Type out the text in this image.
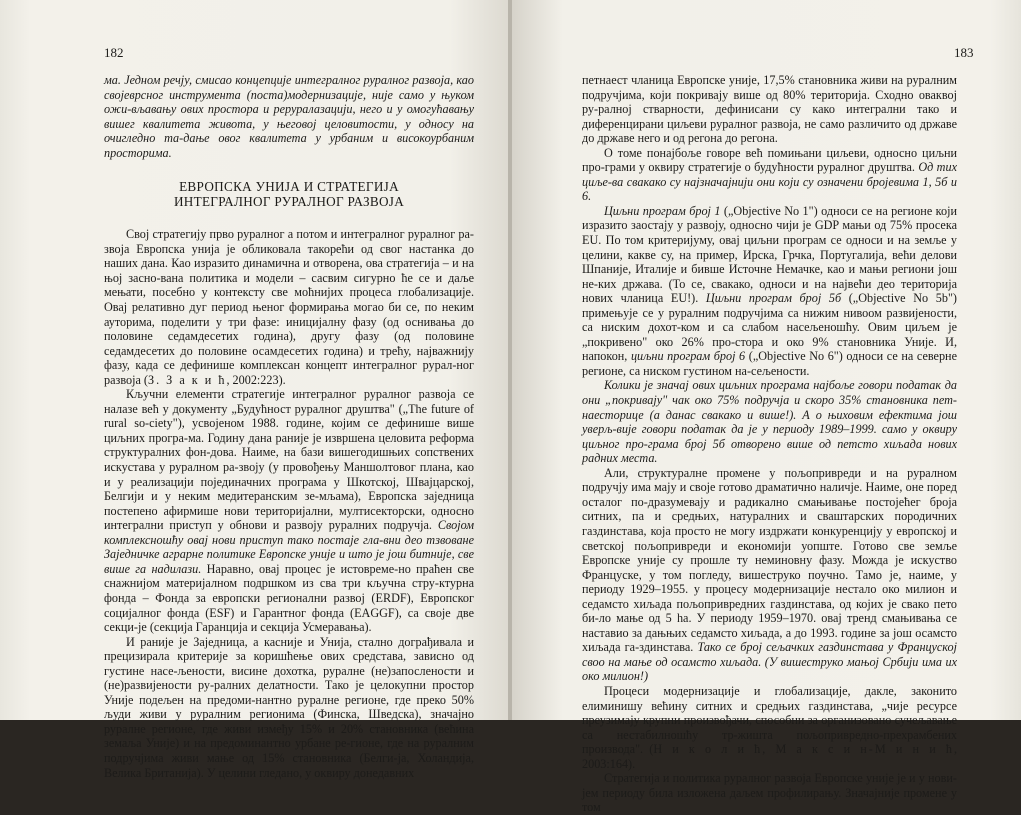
182

ма. Једном речју, смисао концепције интегралног руралног развоја, као својеврсног инструмента (поста)модернизације, није само у њуком ожи-вљавању ових простора и реруралазацији, него и у омогућавању вишег квалитета живота, у његовој целовитости, у односу на очигледно та-дање овог квалитета у урбаним и високоурбаним просторима.

ЕВРОПСКА УНИЈА И СТРАТЕГИЈА
ИНТЕГРАЛНОГ РУРАЛНОГ РАЗВОЈА

Свој стратегију прво руралног а потом и интегралног руралног ра-звоја Европска унија је обликовала такорећи од свог настанка до наших дана. Као изразито динамична и отворена, ова стратегија – и на њој засно-вана политика и модели – сасвим сигурно ће се и даље мењати, посебно у контексту све моћнијих процеса глобализације. Овај релативно дуг период њеног формирања могао би се, по неким ауторима, поделити у три фазе: иницијалну фазу (од оснивања до половине седамдесетих година), другу фазу (од половине седамдесетих до половине осамдесетих година) и трећу, најважнију фазу, када се дефинише комплексан концепт интегралног рурал-ног развоја (З. З а к и ћ, 2002:223).

Кључни елементи стратегије интегралног руралног развоја се налазе већ у документу „Будућност руралног друштва" („The future of rural so-ciety"), усвојеном 1988. године, којим се дефинише више циљних програ-ма. Годину дана раније је извршена целовита реформа структуралних фон-дова. Наиме, на бази вишегодишњих сопствених искустава у руралном ра-звоју (у провођењу Маншолтовог плана, као и у реализацији појединачних програма у Шкотској, Швајцарској, Белгији и у неким медитеранским зе-мљама), Европска заједница постепено афирмише нови територијални, мултисекторски, односно интегрални приступ у обнови и развоју руралних подручја. Својом комплексношћу овај нови приступ тако постаје гла-вни део тзвоване Заједничке аграрне политике Европске уније и што је још битније, све више га надилази. Наравно, овај процес је истовреме-но праћен све снажнијом материјалном подршком из сва три кључна стру-ктурна фонда – Фонда за европски регионални развој (ERDF), Европског социјалног фонда (ESF) и Гарантног фонда (EAGGF), са своје две секци-је (секција Гаранција и секција Усмеравања).

И раније је Заједница, а касније и Унија, стално дограђивала и прецизирала критерије за коришћење ових средстава, зависно од густине насе-љености, висине дохотка, руралне (не)запослености и (не)развијености ру-ралних делатности. Тако је целокупни простор Уније подељен на предоми-нантно руралне регионе, где преко 50% људи живи у руралним регионима (Финска, Шведска), значајно руралне регионе, где живи између 15% и 20% становника (већина земаља Уније) и на предоминантно урбане ре-гионе, где на руралним подручјима живи мање од 15% становника (Белги-ја, Холандија, Велика Британија). У целини гледано, у оквиру донедавних

183

петнаест чланица Европске уније, 17,5% становника живи на руралним подручјима, који покривају више од 80% територија. Сходно оваквој ру-ралној стварности, дефинисани су како интегрални тако и диференцирани циљеви руралног развоја, не само различито од државе до државе него и од регона до регона.

О томе понајбоље говоре већ помињани циљеви, односно циљни про-грами у оквиру стратегије о будућности руралног друштва. Од тих циље-ва свакако су најзначајнији они који су означени бројевима 1, 5б и 6.

Циљни програм број 1 („Objective No 1") односи се на регионе који изразито заостају у развоју, односно чији је GDP мањи од 75% просека EU. По том критеријуму, овај циљни програм се односи и на земље у целини, какве су, на пример, Ирска, Грчка, Португалија, већи делови Шпаније, Италије и бивше Источне Немачке, као и мањи региони још не-ких држава. (То се, свакако, односи и на највећи део територија нових чланица ЕU!). Циљни програм број 5б („Objective No 5b") примењује се у руралним подручјима са нижим нивоом развијености, са ниским дохот-ком и са слабом насељеношћу. Овим циљем је „покривено" око 26% про-стора и око 9% становника Уније. И, напокон, циљни програм број 6 („Objective No 6") односи се на северне регионе, са ниском густином на-сељености.

Колики је значај ових циљних програма најбоље говори податак да они „покривају" чак око 75% подручја и скоро 35% становника пет-наесторице (а данас свакако и више!). А о њиховим ефектима још уверљ-вије говори податак да је у периоду 1989–1999. само у оквиру циљног про-грама број 5б отворено више од петсто хиљада нових радних места.

Али, структуралне промене у пољопривреди и на руралном подручју има мају и своје готово драматично наличје. Наиме, оне поред осталог по-дразумевају и радикално смањивање постојећег броја ситних, па и средњих, натуралних и сваштарских породичних газдинстава, која просто не могу издржати конкуренцију у европској и светској пољопривреди и економији уопште. Готово све земље Европске уније су прошле ту неминовну фазу. Можда је искуство Француске, у том погледу, вишеструко поучно. Тамо је, наиме, у периоду 1929–1955. у процесу модернизације нестало око милион и седамсто хиљада пољопривредних газдинстава, од којих је свако пето би-ло мање од 5 ha. У периоду 1959–1970. овај тренд смањивања се наставио за дањњих седамсто хиљада, а до 1993. године за још осамсто хиљада га-здинстава. Тако се број сељачких газдинстава у Француској своо на мање од осамсто хиљада. (У вишеструко мањој Србији има их око милион!)

Процеси модернизације и глобализације, дакле, законито елиминишу већину ситних и средњих газдинстава, „чије ресурсе преузимају крупни произвођачи, способни за организовано сучељавање са нестабилношћу тр-жишта пољопривредно-прехрамбених производа". (Н и к о л и ћ, М а к с и н-М и н и ћ, 2003:164).

Стратегија и политика руралног развоја Европске уније је и у нови-јем периоду била изложена даљем профилирању. Значајније промене у том
